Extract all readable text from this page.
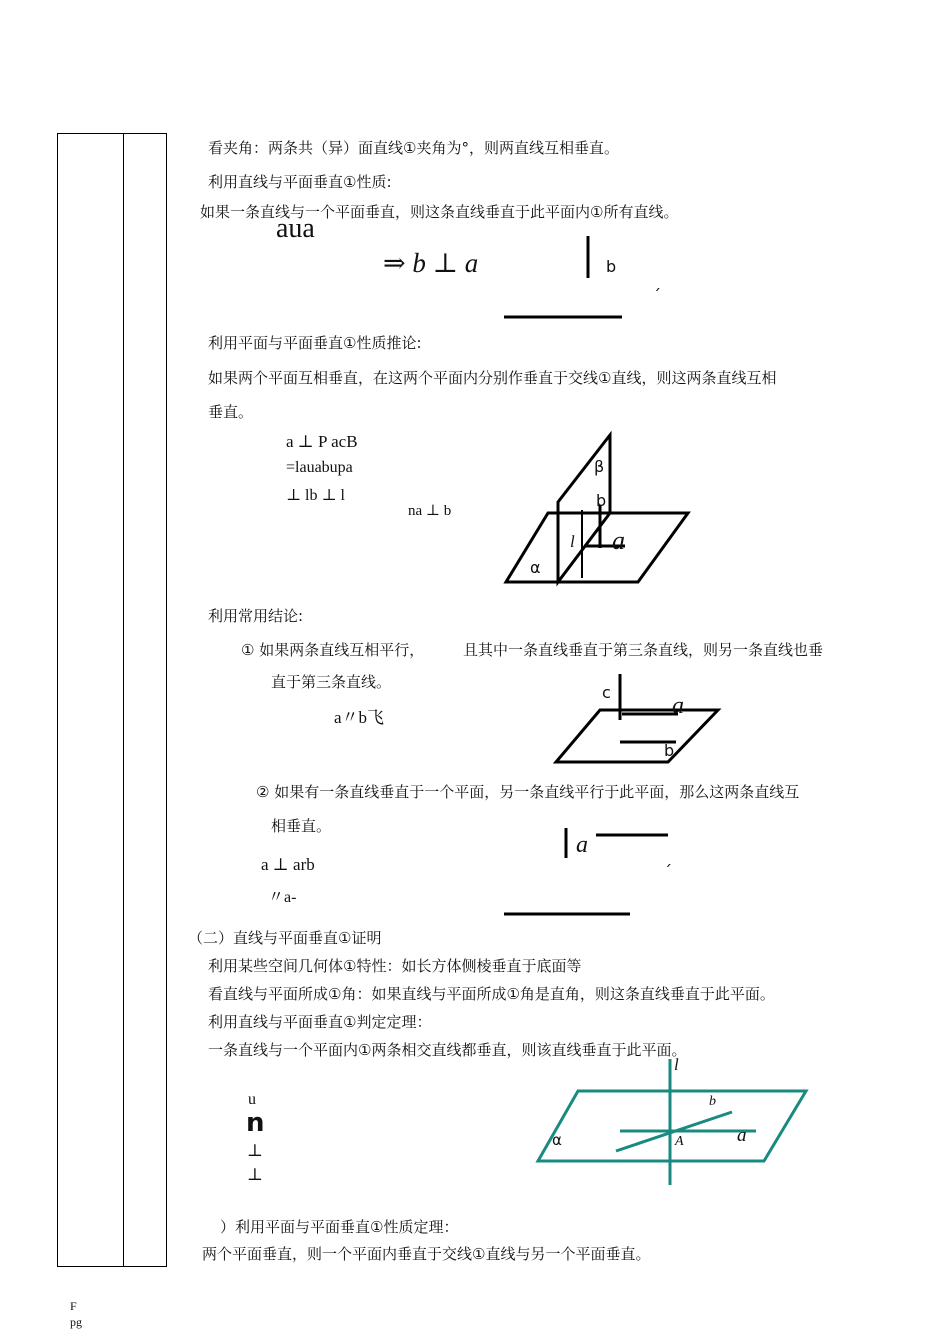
看夹角：两条共（异）面直线①夹角为°，则两直线互相垂直。
利用直线与平面垂直①性质:
如果一条直线与一个平面垂直，则这条直线垂直于此平面内①所有直线。
aua
⇒ b ⊥ a	b
ˏ
利用平面与平面垂直①性质推论:
如果两个平面互相垂直，在这两个平面内分别作垂直于交线①直线，则这两条直线互相
垂直。
a ⊥ P acB
=lauabupa
⊥ lb ⊥ l
na ⊥ b
β
b
l a
α
利用常用结论:
① 如果两条直线互相平行，	且其中一条直线垂直于第三条直线，则另一条直线也垂
直于第三条直线。
a〃b飞
c
a
b
② 如果有一条直线垂直于一个平面，另一条直线平行于此平面，那么这两条直线互
相垂直。
a ⊥ arb
〃a-
a	ˏ
（二）直线与平面垂直①证明
利用某些空间几何体①特性：如长方体侧棱垂直于底面等
看直线与平面所成①角：如果直线与平面所成①角是直角，则这条直线垂直于此平面。
利用直线与平面垂直①判定定理：
一条直线与一个平面内①两条相交直线都垂直，则该直线垂直于此平面。
u
n
⊥
⊥
l
b
α	A	a
）利用平面与平面垂直①性质定理：
两个平面垂直，则一个平面内垂直于交线①直线与另一个平面垂直。
F
pg
